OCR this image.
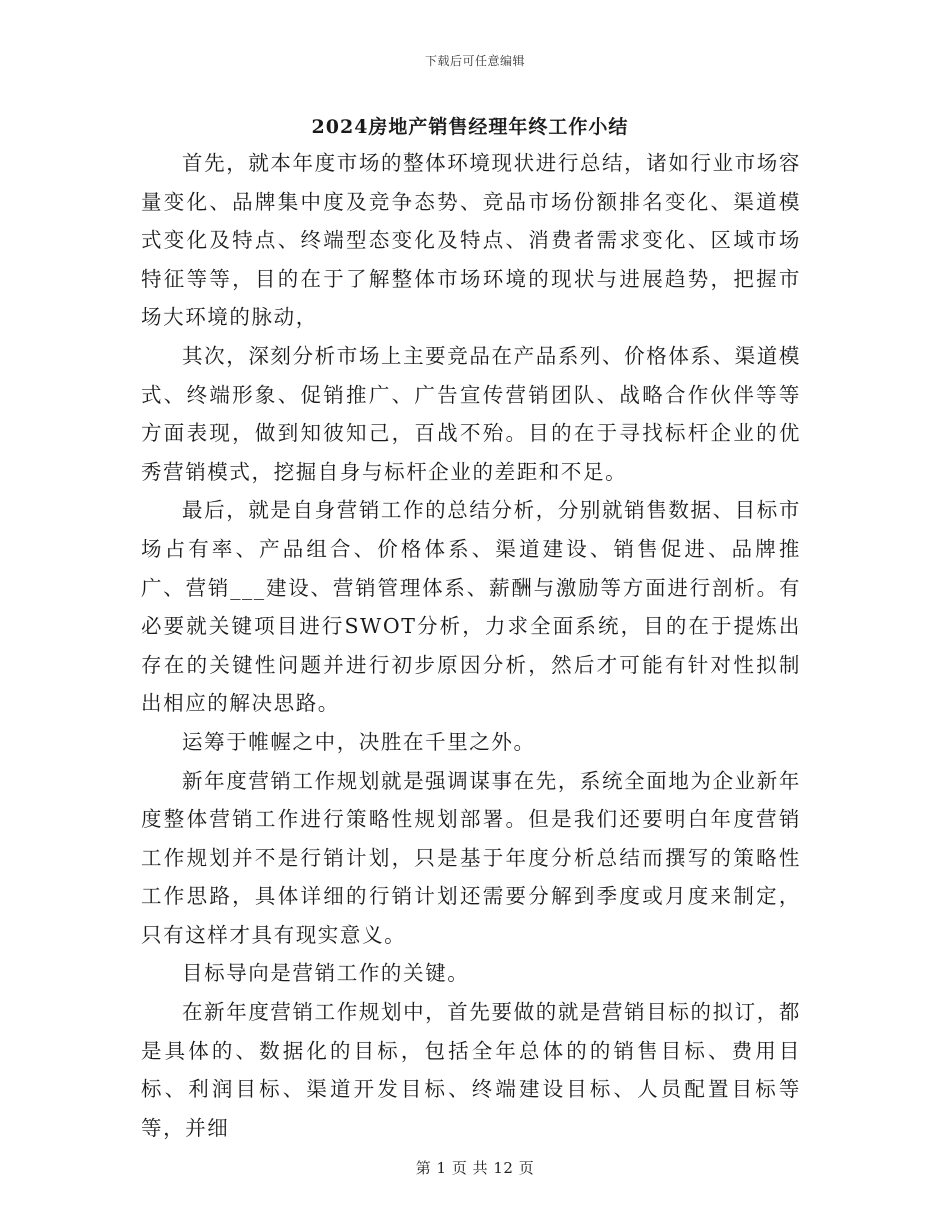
下载后可任意编辑
2024房地产销售经理年终工作小结

首先，就本年度市场的整体环境现状进行总结，诸如行业市场容量变化、品牌集中度及竞争态势、竞品市场份额排名变化、渠道模式变化及特点、终端型态变化及特点、消费者需求变化、区域市场特征等等，目的在于了解整体市场环境的现状与进展趋势，把握市场大环境的脉动，

其次，深刻分析市场上主要竞品在产品系列、价格体系、渠道模式、终端形象、促销推广、广告宣传营销团队、战略合作伙伴等等方面表现，做到知彼知己，百战不殆。目的在于寻找标杆企业的优秀营销模式，挖掘自身与标杆企业的差距和不足。

最后，就是自身营销工作的总结分析，分别就销售数据、目标市场占有率、产品组合、价格体系、渠道建设、销售促进、品牌推广、营销___建设、营销管理体系、薪酬与激励等方面进行剖析。有必要就关键项目进行SWOT分析，力求全面系统，目的在于提炼出存在的关键性问题并进行初步原因分析，然后才可能有针对性拟制出相应的解决思路。

运筹于帷幄之中，决胜在千里之外。

新年度营销工作规划就是强调谋事在先，系统全面地为企业新年度整体营销工作进行策略性规划部署。但是我们还要明白年度营销工作规划并不是行销计划，只是基于年度分析总结而撰写的策略性工作思路，具体详细的行销计划还需要分解到季度或月度来制定，只有这样才具有现实意义。

目标导向是营销工作的关键。

在新年度营销工作规划中，首先要做的就是营销目标的拟订，都是具体的、数据化的目标，包括全年总体的的销售目标、费用目标、利润目标、渠道开发目标、终端建设目标、人员配置目标等等，并细

第 1 页 共 12 页
